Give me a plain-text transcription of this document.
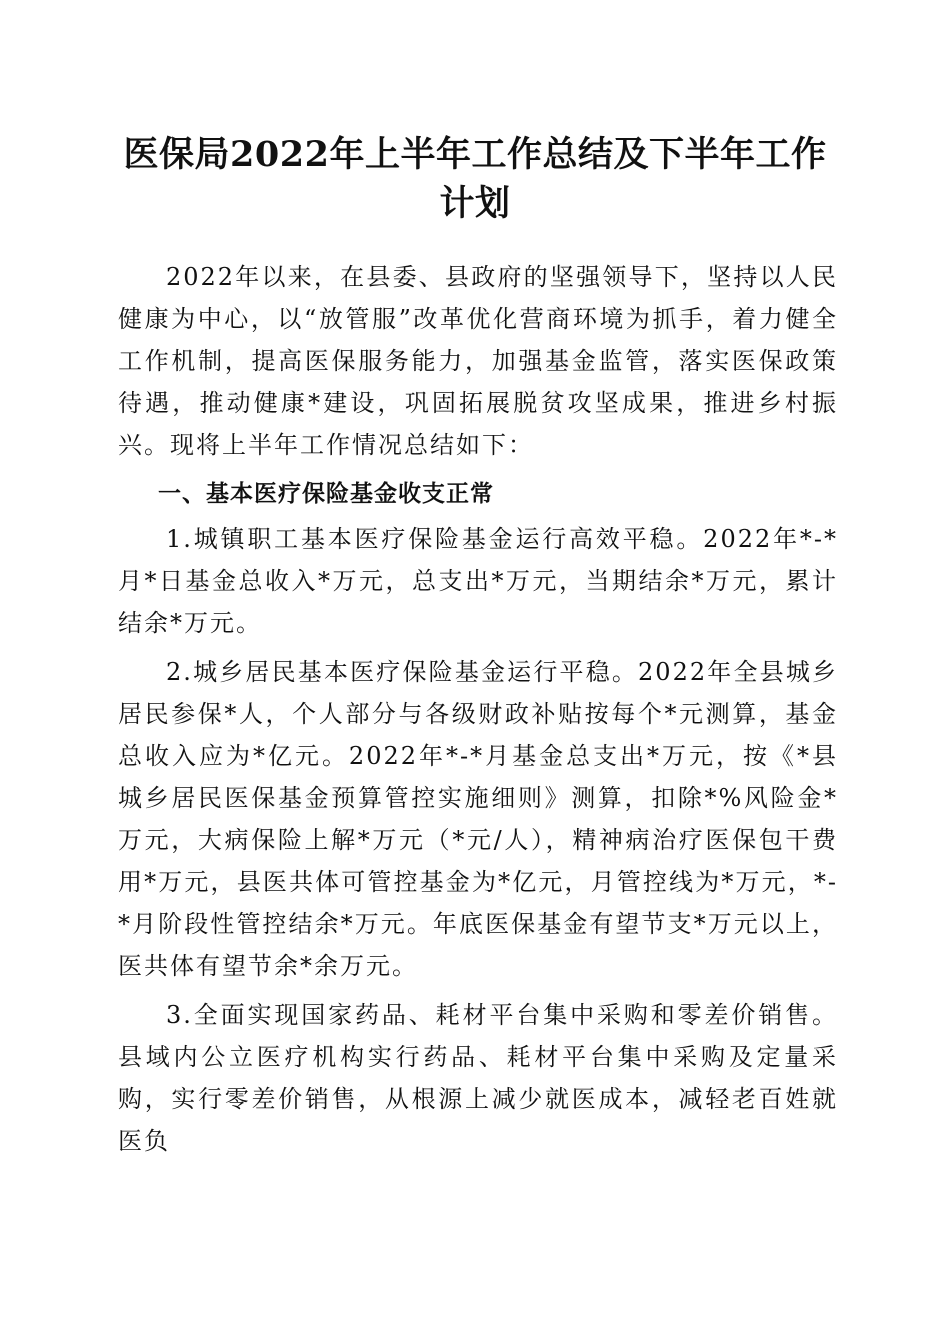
医保局2022年上半年工作总结及下半年工作
计划

2022年以来，在县委、县政府的坚强领导下，坚持以人民健康为中心，以“放管服”改革优化营商环境为抓手，着力健全工作机制，提高医保服务能力，加强基金监管，落实医保政策待遇，推动健康*建设，巩固拓展脱贫攻坚成果，推进乡村振兴。现将上半年工作情况总结如下：

一、基本医疗保险基金收支正常

1.城镇职工基本医疗保险基金运行高效平稳。2022年*-*月*日基金总收入*万元，总支出*万元，当期结余*万元，累计结余*万元。

2.城乡居民基本医疗保险基金运行平稳。2022年全县城乡居民参保*人，个人部分与各级财政补贴按每个*元测算，基金总收入应为*亿元。2022年*-*月基金总支出*万元，按《*县城乡居民医保基金预算管控实施细则》测算，扣除*%风险金*万元，大病保险上解*万元（*元/人），精神病治疗医保包干费用*万元，县医共体可管控基金为*亿元，月管控线为*万元，*-*月阶段性管控结余*万元。年底医保基金有望节支*万元以上，医共体有望节余*余万元。

3.全面实现国家药品、耗材平台集中采购和零差价销售。县域内公立医疗机构实行药品、耗材平台集中采购及定量采购，实行零差价销售，从根源上减少就医成本，减轻老百姓就医负
